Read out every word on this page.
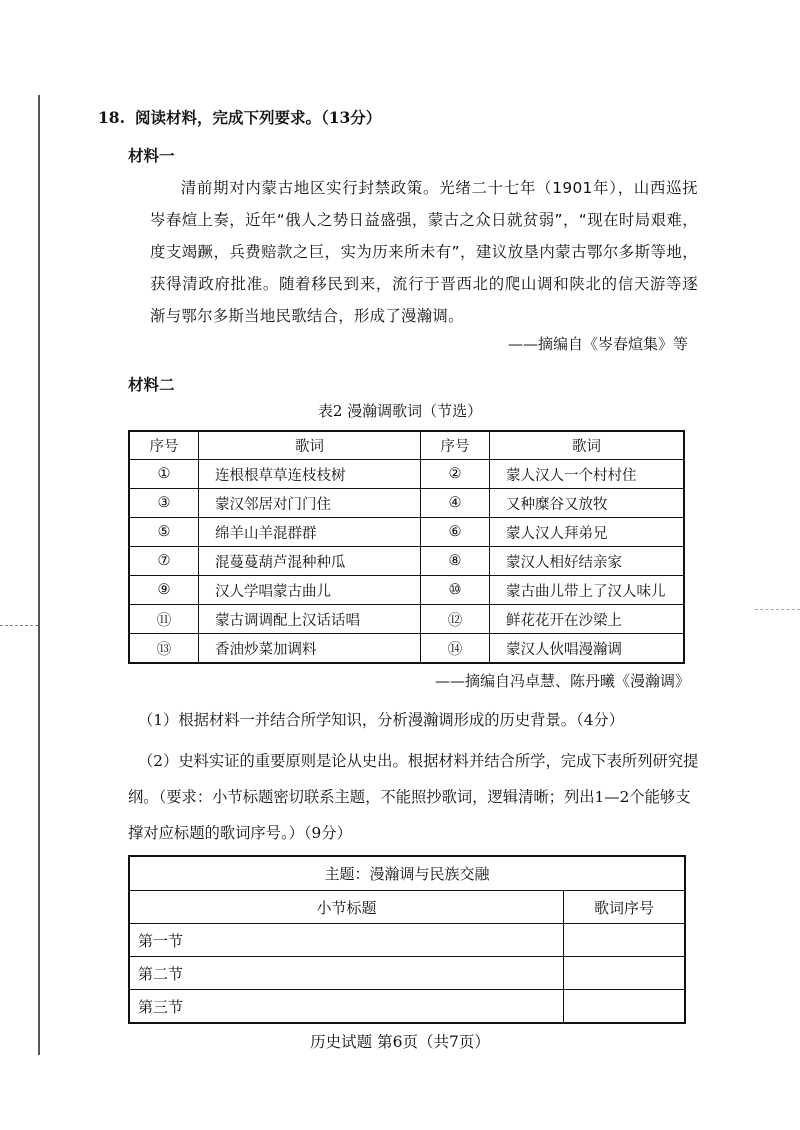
18. 阅读材料，完成下列要求。（13分）
材料一
清前期对内蒙古地区实行封禁政策。光绪二十七年（1901年），山西巡抚岑春煊上奏，近年“俄人之势日益盛强，蒙古之众日就贫弱”，“现在时局艰难，度支竭蹶，兵费赔款之巨，实为历来所未有”，建议放垦内蒙古鄂尔多斯等地，获得清政府批准。随着移民到来，流行于晋西北的爬山调和陕北的信天游等逐渐与鄂尔多斯当地民歌结合，形成了漫瀚调。
——摘编自《岑春煊集》等
材料二
表2 漫瀚调歌词（节选）
序号	歌词	序号	歌词
①	连根根草草连枝枝树	②	蒙人汉人一个村村住
③	蒙汉邻居对门门住	④	又种糜谷又放牧
⑤	绵羊山羊混群群	⑥	蒙人汉人拜弟兄
⑦	混蔓蔓葫芦混种种瓜	⑧	蒙汉人相好结亲家
⑨	汉人学唱蒙古曲儿	⑩	蒙古曲儿带上了汉人味儿
⑪	蒙古调调配上汉话话唱	⑫	鲜花花开在沙梁上
⑬	香油炒菜加调料	⑭	蒙汉人伙唱漫瀚调
——摘编自冯卓慧、陈丹曦《漫瀚调》
（1）根据材料一并结合所学知识，分析漫瀚调形成的历史背景。（4分）
（2）史料实证的重要原则是论从史出。根据材料并结合所学，完成下表所列研究提纲。（要求：小节标题密切联系主题，不能照抄歌词，逻辑清晰；列出1—2个能够支撑对应标题的歌词序号。）（9分）
主题：漫瀚调与民族交融	
小节标题	歌词序号
第一节	
第二节	
第三节	
历史试题 第6页（共7页）
